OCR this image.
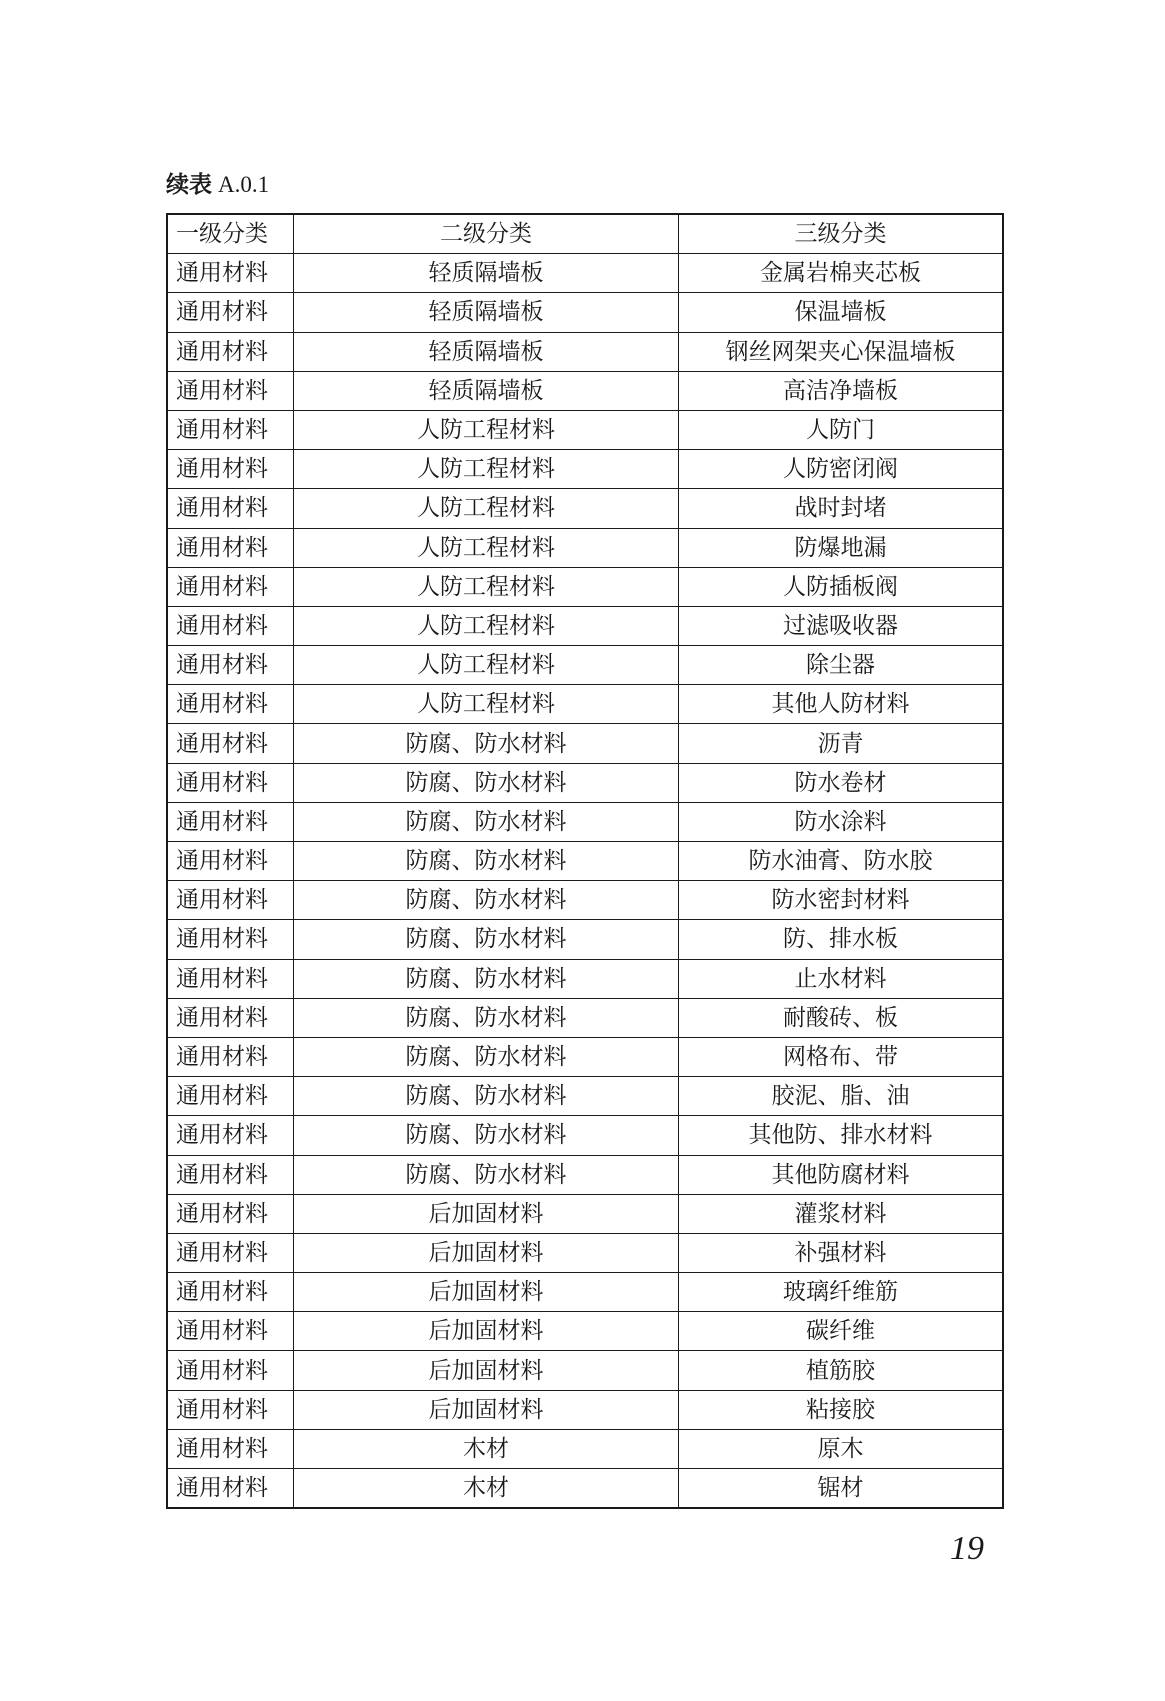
续表 A.0.1
一级分类	二级分类	三级分类
通用材料	轻质隔墙板	金属岩棉夹芯板
通用材料	轻质隔墙板	保温墙板
通用材料	轻质隔墙板	钢丝网架夹心保温墙板
通用材料	轻质隔墙板	高洁净墙板
通用材料	人防工程材料	人防门
通用材料	人防工程材料	人防密闭阀
通用材料	人防工程材料	战时封堵
通用材料	人防工程材料	防爆地漏
通用材料	人防工程材料	人防插板阀
通用材料	人防工程材料	过滤吸收器
通用材料	人防工程材料	除尘器
通用材料	人防工程材料	其他人防材料
通用材料	防腐、防水材料	沥青
通用材料	防腐、防水材料	防水卷材
通用材料	防腐、防水材料	防水涂料
通用材料	防腐、防水材料	防水油膏、防水胶
通用材料	防腐、防水材料	防水密封材料
通用材料	防腐、防水材料	防、排水板
通用材料	防腐、防水材料	止水材料
通用材料	防腐、防水材料	耐酸砖、板
通用材料	防腐、防水材料	网格布、带
通用材料	防腐、防水材料	胶泥、脂、油
通用材料	防腐、防水材料	其他防、排水材料
通用材料	防腐、防水材料	其他防腐材料
通用材料	后加固材料	灌浆材料
通用材料	后加固材料	补强材料
通用材料	后加固材料	玻璃纤维筋
通用材料	后加固材料	碳纤维
通用材料	后加固材料	植筋胶
通用材料	后加固材料	粘接胶
通用材料	木材	原木
通用材料	木材	锯材
19
